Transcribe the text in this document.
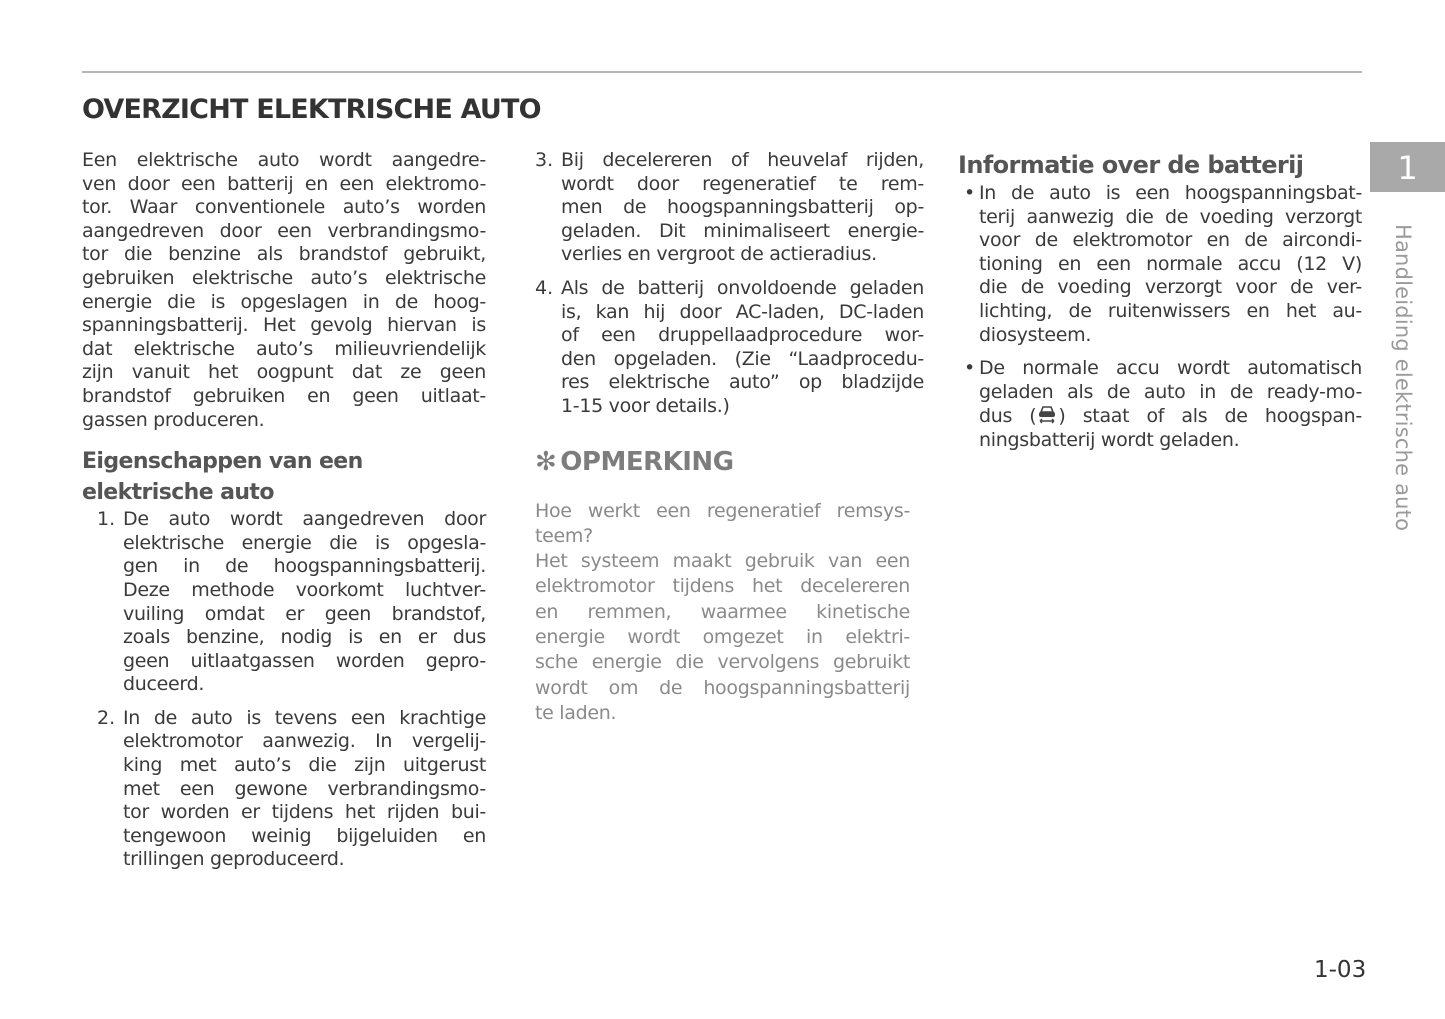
OVERZICHT ELEKTRISCHE AUTO
Een elektrische auto wordt aangedre-
ven door een batterij en een elektromo-
tor. Waar conventionele auto’s worden
aangedreven door een verbrandingsmo-
tor die benzine als brandstof gebruikt,
gebruiken elektrische auto’s elektrische
energie die is opgeslagen in de hoog-
spanningsbatterij. Het gevolg hiervan is
dat elektrische auto’s milieuvriendelijk
zijn vanuit het oogpunt dat ze geen
brandstof gebruiken en geen uitlaat-
gassen produceren.
Eigenschappen van een
elektrische auto
1. De auto wordt aangedreven door
elektrische energie die is opgesla-
gen in de hoogspanningsbatterij.
Deze methode voorkomt luchtver-
vuiling omdat er geen brandstof,
zoals benzine, nodig is en er dus
geen uitlaatgassen worden gepro-
duceerd.
2. In de auto is tevens een krachtige
elektromotor aanwezig. In vergelij-
king met auto’s die zijn uitgerust
met een gewone verbrandingsmo-
tor worden er tijdens het rijden bui-
tengewoon weinig bijgeluiden en
trillingen geproduceerd.
3. Bij decelereren of heuvelaf rijden,
wordt door regeneratief te rem-
men de hoogspanningsbatterij op-
geladen. Dit minimaliseert energie-
verlies en vergroot de actieradius.
4. Als de batterij onvoldoende geladen
is, kan hij door AC-laden, DC-laden
of een druppellaadprocedure wor-
den opgeladen. (Zie “Laadprocedu-
res elektrische auto” op bladzijde
1-15 voor details.)
✻ OPMERKING
Hoe werkt een regeneratief remsys-
teem?
Het systeem maakt gebruik van een
elektromotor tijdens het decelereren
en remmen, waarmee kinetische
energie wordt omgezet in elektri-
sche energie die vervolgens gebruikt
wordt om de hoogspanningsbatterij
te laden.
Informatie over de batterij
• In de auto is een hoogspanningsbat-
terij aanwezig die de voeding verzorgt
voor de elektromotor en de aircondi-
tioning en een normale accu (12 V)
die de voeding verzorgt voor de ver-
lichting, de ruitenwissers en het au-
diosysteem.
• De normale accu wordt automatisch
geladen als de auto in de ready-mo-
dus ( ) staat of als de hoogspan-
ningsbatterij wordt geladen.
1
Handleiding elektrische auto
1-03
